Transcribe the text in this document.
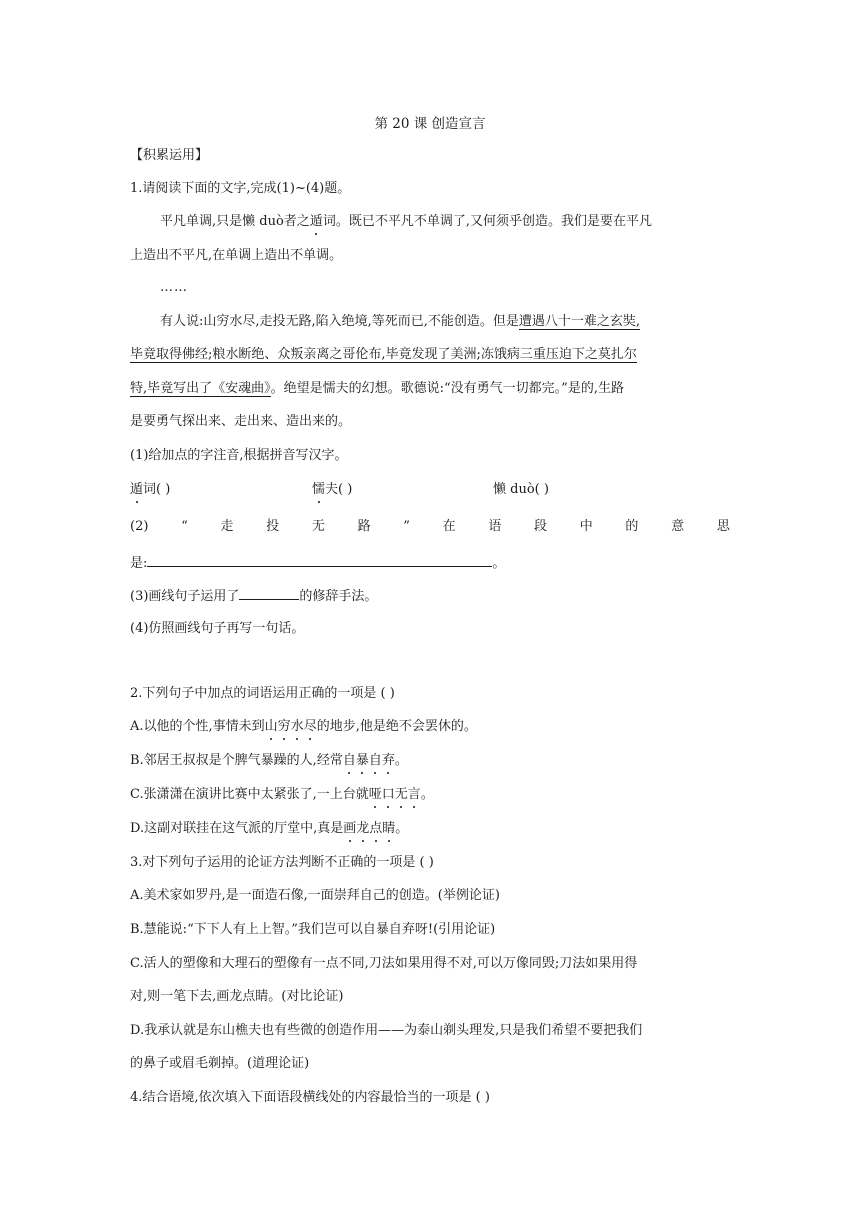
第 20 课 创造宣言
【积累运用】
1.请阅读下面的文字,完成(1)~(4)题。
平凡单调,只是懒 duò者之遁词。既已不平凡不单调了,又何须乎创造。我们是要在平凡
上造出不平凡,在单调上造出不单调。
……
有人说:山穷水尽,走投无路,陷入绝境,等死而已,不能创造。但是遭遇八十一难之玄奘,
毕竟取得佛经;粮水断绝、众叛亲离之哥伦布,毕竟发现了美洲;冻饿病三重压迫下之莫扎尔
特,毕竟写出了《安魂曲》。绝望是懦夫的幻想。歌德说:“没有勇气一切都完。”是的,生路
是要勇气探出来、走出来、造出来的。
(1)给加点的字注音,根据拼音写汉字。
遁词( )	懦夫( )	懒 duò( )
(2)	“	走	投	无	路	”	在	语	段	中	的	意	思
是:	。
(3)画线句子运用了	的修辞手法。
(4)仿照画线句子再写一句话。
2.下列句子中加点的词语运用正确的一项是 ( )
A.以他的个性,事情未到山穷水尽的地步,他是绝不会罢休的。
B.邻居王叔叔是个脾气暴躁的人,经常自暴自弃。
C.张潇潇在演讲比赛中太紧张了,一上台就哑口无言。
D.这副对联挂在这气派的厅堂中,真是画龙点睛。
3.对下列句子运用的论证方法判断不正确的一项是 ( )
A.美术家如罗丹,是一面造石像,一面崇拜自己的创造。(举例论证)
B.慧能说:“下下人有上上智。”我们岂可以自暴自弃呀!(引用论证)
C.活人的塑像和大理石的塑像有一点不同,刀法如果用得不对,可以万像同毁;刀法如果用得
对,则一笔下去,画龙点睛。(对比论证)
D.我承认就是东山樵夫也有些微的创造作用——为泰山剃头理发,只是我们希望不要把我们
的鼻子或眉毛剃掉。(道理论证)
4.结合语境,依次填入下面语段横线处的内容最恰当的一项是 ( )
